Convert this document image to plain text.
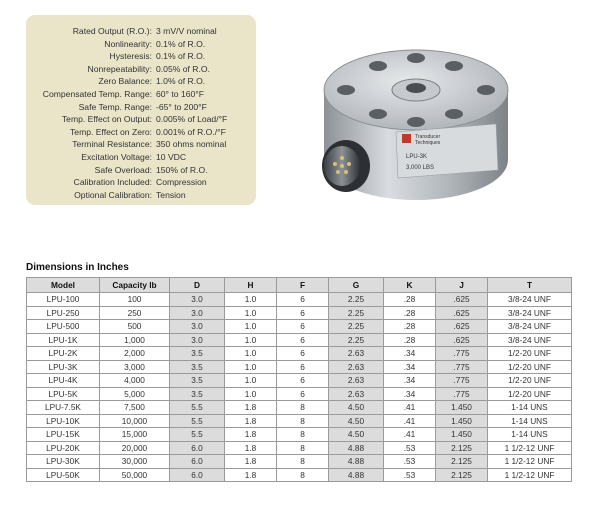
Rated Output (R.O.): 3 mV/V nominal
Nonlinearity: 0.1% of R.O.
Hysteresis: 0.1% of R.O.
Nonrepeatability: 0.05% of R.O.
Zero Balance: 1.0% of R.O.
Compensated Temp. Range: 60° to 160°F
Safe Temp. Range: -65° to 200°F
Temp. Effect on Output: 0.005% of Load/°F
Temp. Effect on Zero: 0.001% of R.O./°F
Terminal Resistance: 350 ohms nominal
Excitation Voltage: 10 VDC
Safe Overload: 150% of R.O.
Calibration Included: Compression
Optional Calibration: Tension
Transducer
Techniques
LPU-3K
3,000 LBS
Dimensions in Inches
Model	Capacity lb	D	H	F	G	K	J	T
LPU-100	100	3.0	1.0	6	2.25	.28	.625	3/8-24 UNF
LPU-250	250	3.0	1.0	6	2.25	.28	.625	3/8-24 UNF
LPU-500	500	3.0	1.0	6	2.25	.28	.625	3/8-24 UNF
LPU-1K	1,000	3.0	1.0	6	2.25	.28	.625	3/8-24 UNF
LPU-2K	2,000	3.5	1.0	6	2.63	.34	.775	1/2-20 UNF
LPU-3K	3,000	3.5	1.0	6	2.63	.34	.775	1/2-20 UNF
LPU-4K	4,000	3.5	1.0	6	2.63	.34	.775	1/2-20 UNF
LPU-5K	5,000	3.5	1.0	6	2.63	.34	.775	1/2-20 UNF
LPU-7.5K	7,500	5.5	1.8	8	4.50	.41	1.450	1-14 UNS
LPU-10K	10,000	5.5	1.8	8	4.50	.41	1.450	1-14 UNS
LPU-15K	15,000	5.5	1.8	8	4.50	.41	1.450	1-14 UNS
LPU-20K	20,000	6.0	1.8	8	4.88	.53	2.125	1 1/2-12 UNF
LPU-30K	30,000	6.0	1.8	8	4.88	.53	2.125	1 1/2-12 UNF
LPU-50K	50,000	6.0	1.8	8	4.88	.53	2.125	1 1/2-12 UNF
